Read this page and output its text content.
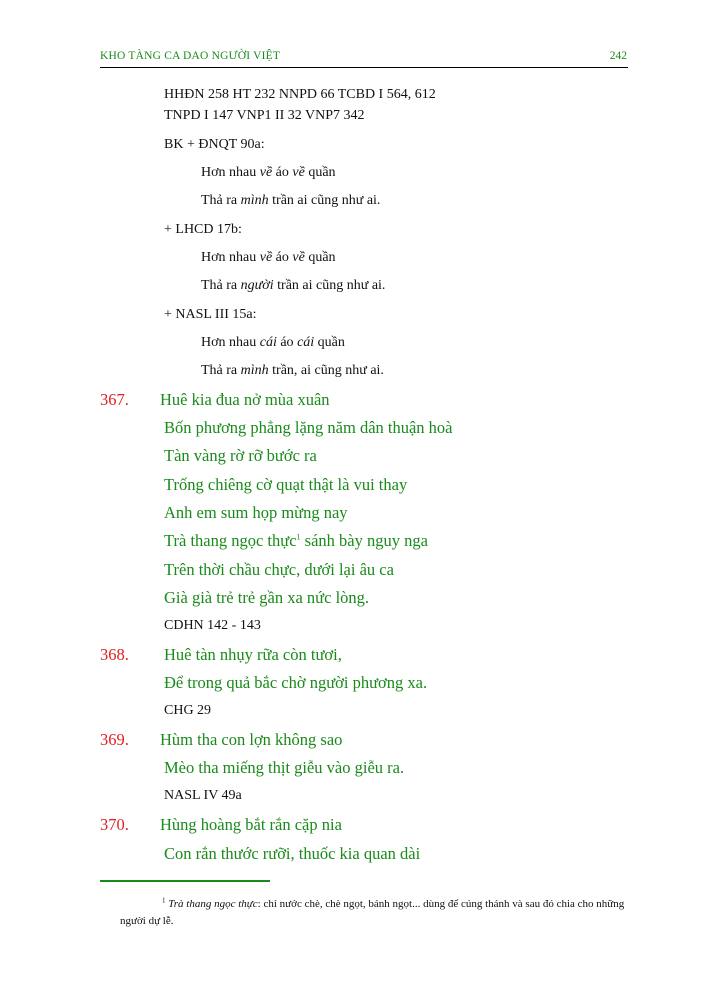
KHO TÀNG CA DAO NGƯỜI VIỆT	242
HHĐN 258 HT 232 NNPD 66 TCBD I 564, 612
TNPD I 147 VNP1 II 32 VNP7 342
BK + ĐNQT 90a:
Hơn nhau về áo về quần
Thả ra mình trần ai cũng như ai.
+ LHCD 17b:
Hơn nhau về áo về quần
Thả ra người trần ai cũng như ai.
+ NASL III 15a:
Hơn nhau cái áo cái quần
Thả ra mình trần, ai cũng như ai.
367. Huê kia đua nở mùa xuân
Bốn phương phẳng lặng năm dân thuận hoà
Tàn vàng rờ rỡ bước ra
Trống chiêng cờ quạt thật là vui thay
Anh em sum họp mừng nay
Trà thang ngọc thực$^1$ sánh bày nguy nga
Trên thời chầu chực, dưới lại âu ca
Già già trẻ trẻ gần xa nức lòng.
CDHN 142 - 143
368. Huê tàn nhụy rữa còn tươi,
Để trong quả bắc chờ người phương xa.
CHG 29
369. Hùm tha con lợn không sao
Mèo tha miếng thịt giễu vào giễu ra.
NASL IV 49a
370. Hùng hoàng bắt rắn cặp nia
Con rắn thước rưỡi, thuốc kia quan dài
$^1$ Trà thang ngọc thực: chỉ nước chè, chè ngọt, bánh ngọt... dùng để cúng thánh và sau đó chia cho những người dự lễ.
